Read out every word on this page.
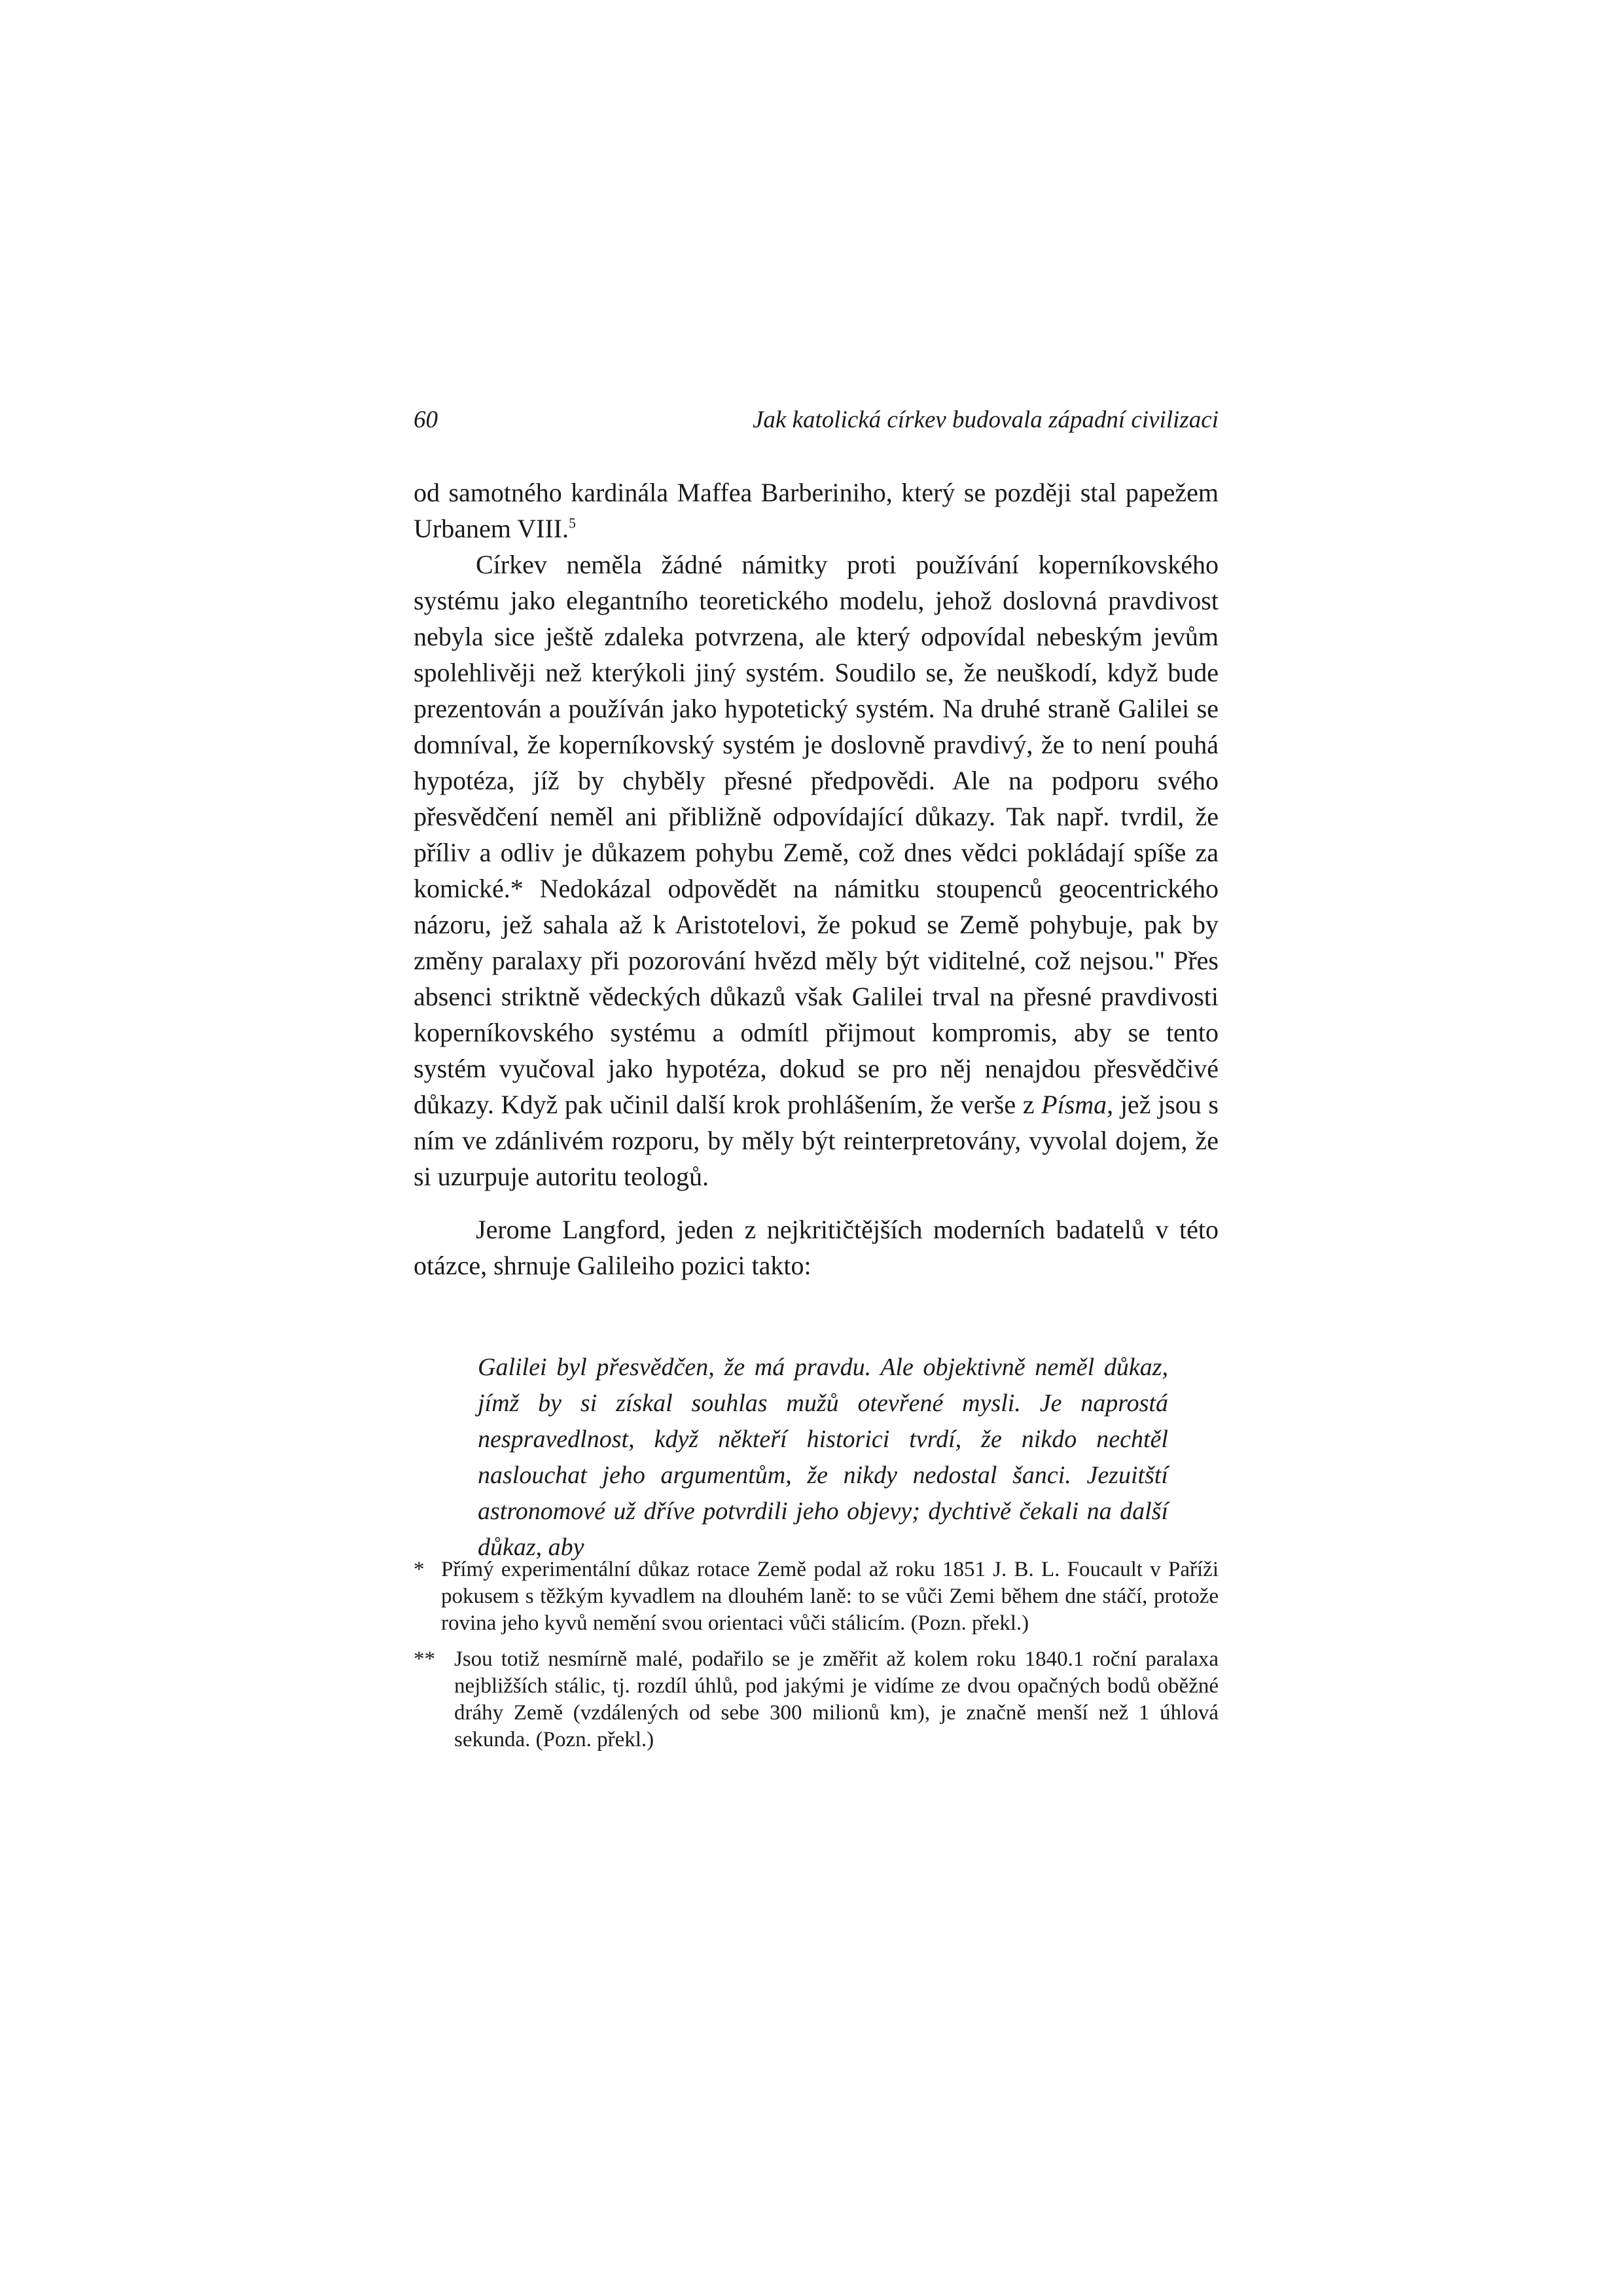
60	Jak katolická církev budovala západní civilizaci

od samotného kardinála Maffea Barberiniho, který se později stal papežem Urbanem VIII.$^5$

Církev neměla žádné námitky proti používání koperníkovského systému jako elegantního teoretického modelu, jehož doslovná pravdivost nebyla sice ještě zdaleka potvrzena, ale který odpovídal nebeským jevům spolehlivěji než kterýkoli jiný systém. Soudilo se, že neuškodí, když bude prezentován a používán jako hypotetický systém. Na druhé straně Galilei se domníval, že koperníkovský systém je doslovně pravdivý, že to není pouhá hypotéza, jíž by chyběly přesné předpovědi. Ale na podporu svého přesvědčení neměl ani přibližně odpovídající důkazy. Tak např. tvrdil, že příliv a odliv je důkazem pohybu Země, což dnes vědci pokládají spíše za komické.* Nedokázal odpovědět na námitku stoupenců geocentrického názoru, jež sahala až k Aristotelovi, že pokud se Země pohybuje, pak by změny paralaxy při pozorování hvězd měly být viditelné, což nejsou." Přes absenci striktně vědeckých důkazů však Galilei trval na přesné pravdivosti koperníkovského systému a odmítl přijmout kompromis, aby se tento systém vyučoval jako hypotéza, dokud se pro něj nenajdou přesvědčivé důkazy. Když pak učinil další krok prohlášením, že verše z Písma, jež jsou s ním ve zdánlivém rozporu, by měly být reinterpretovány, vyvolal dojem, že si uzurpuje autoritu teologů.

Jerome Langford, jeden z nejkritičtějších moderních badatelů v této otázce, shrnuje Galileiho pozici takto:

Galilei byl přesvědčen, že má pravdu. Ale objektivně neměl důkaz, jímž by si získal souhlas mužů otevřené mysli. Je naprostá nespravedlnost, když někteří historici tvrdí, že nikdo nechtěl naslouchat jeho argumentům, že nikdy nedostal šanci. Jezuitští astronomové už dříve potvrdili jeho objevy; dychtivě čekali na další důkaz, aby

* Přímý experimentální důkaz rotace Země podal až roku 1851 J. B. L. Foucault v Paříži pokusem s těžkým kyvadlem na dlouhém laně: to se vůči Zemi během dne stáčí, protože rovina jeho kyvů nemění svou orientaci vůči stálicím. (Pozn. překl.)
** Jsou totiž nesmírně malé, podařilo se je změřit až kolem roku 1840.1 roční paralaxa nejbližších stálic, tj. rozdíl úhlů, pod jakými je vidíme ze dvou opačných bodů oběžné dráhy Země (vzdálených od sebe 300 milionů km), je značně menší než 1 úhlová sekunda. (Pozn. překl.)
